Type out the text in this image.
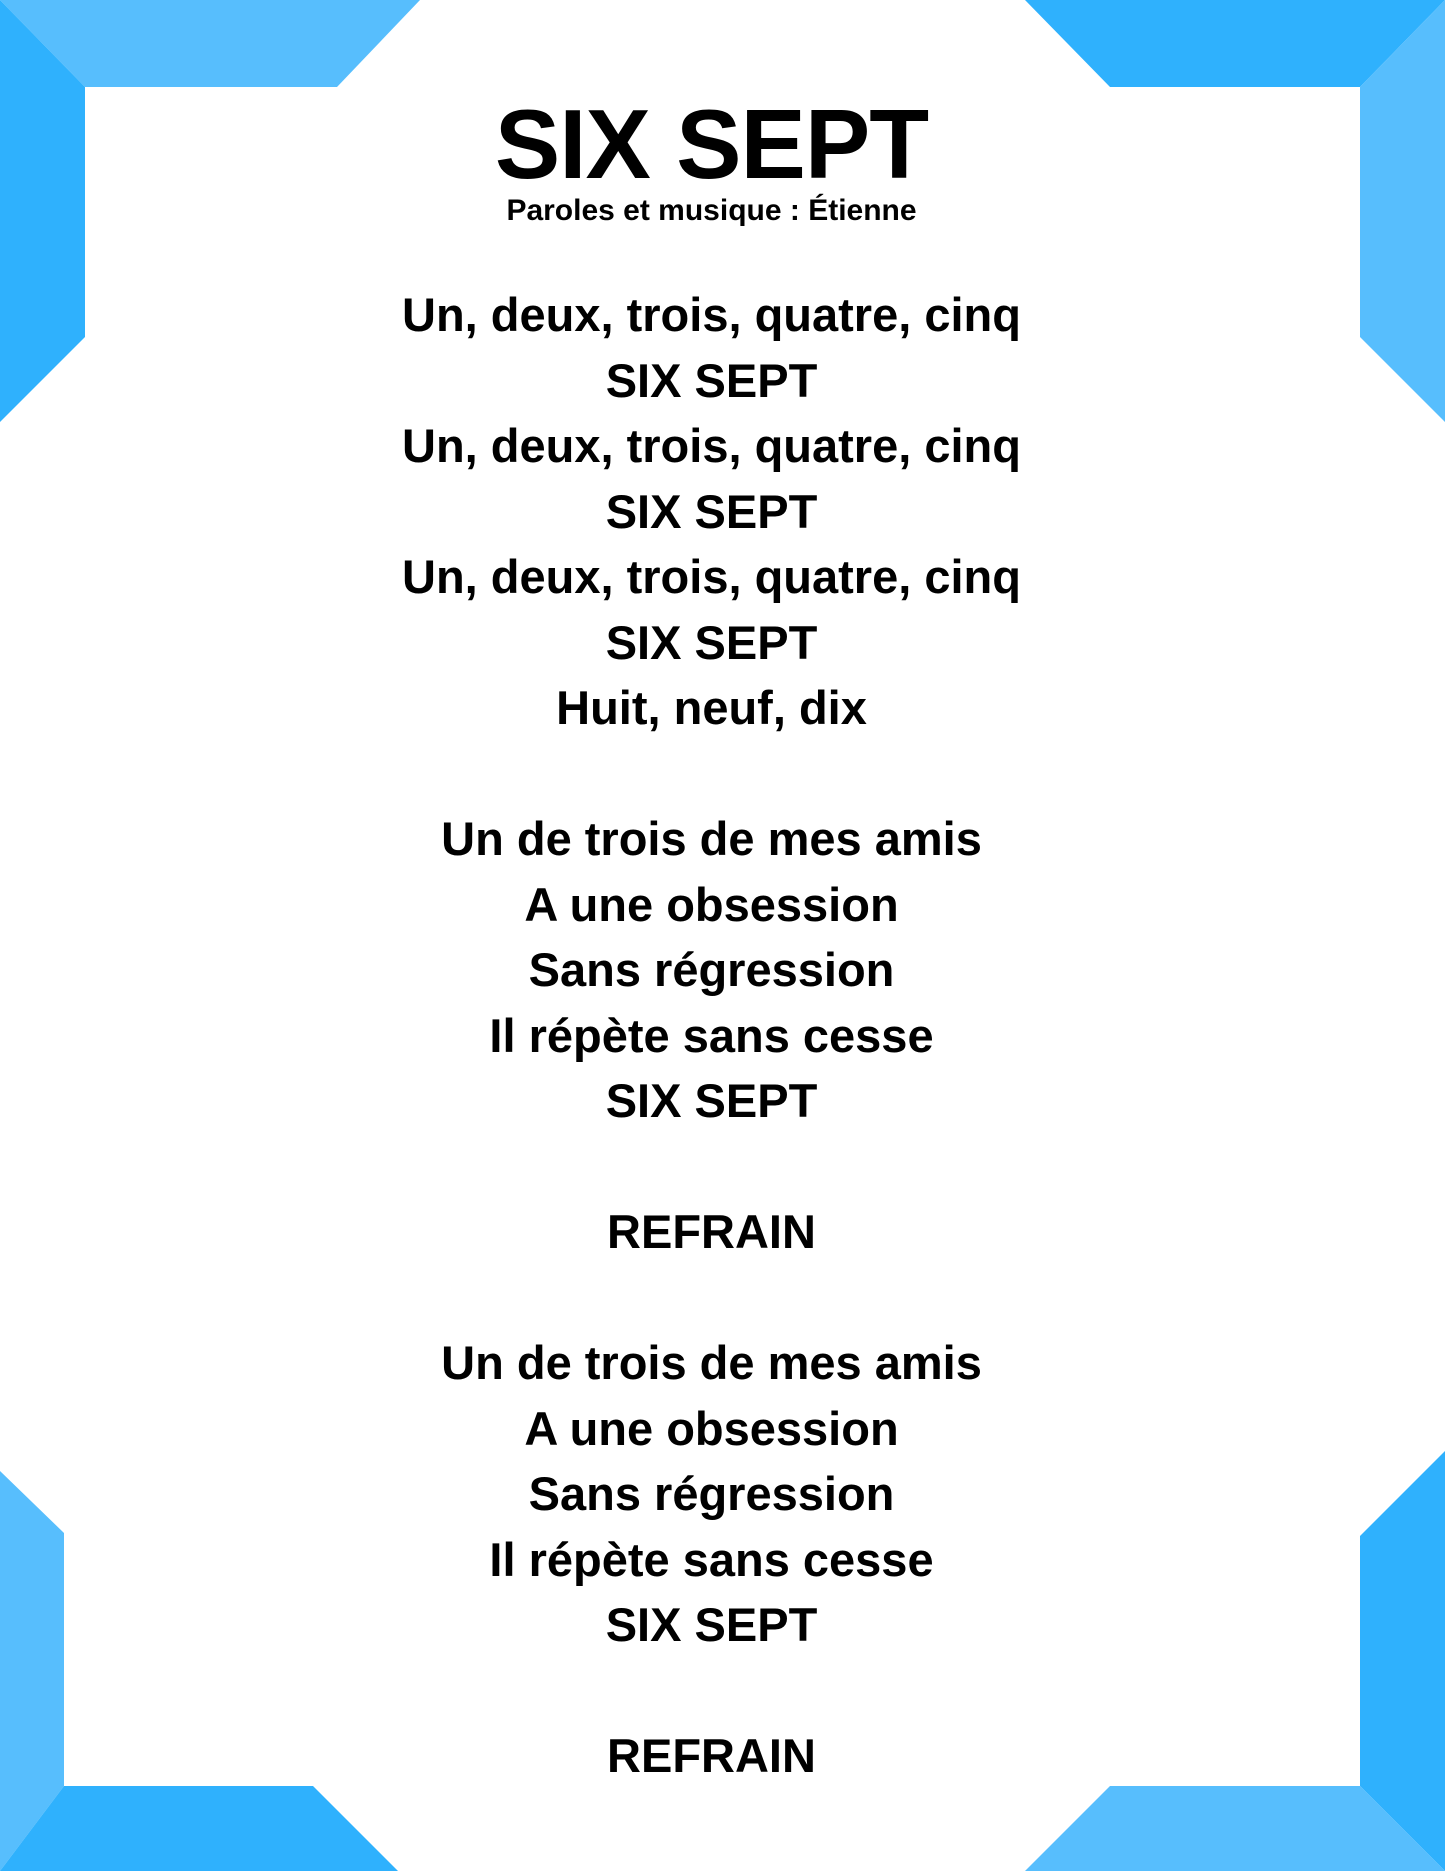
SIX SEPT

Paroles et musique : Étienne

Un, deux, trois, quatre, cinq
SIX SEPT
Un, deux, trois, quatre, cinq
SIX SEPT
Un, deux, trois, quatre, cinq
SIX SEPT
Huit, neuf, dix
Un de trois de mes amis
A une obsession
Sans régression
Il répète sans cesse
SIX SEPT
REFRAIN
Un de trois de mes amis
A une obsession
Sans régression
Il répète sans cesse
SIX SEPT
REFRAIN
